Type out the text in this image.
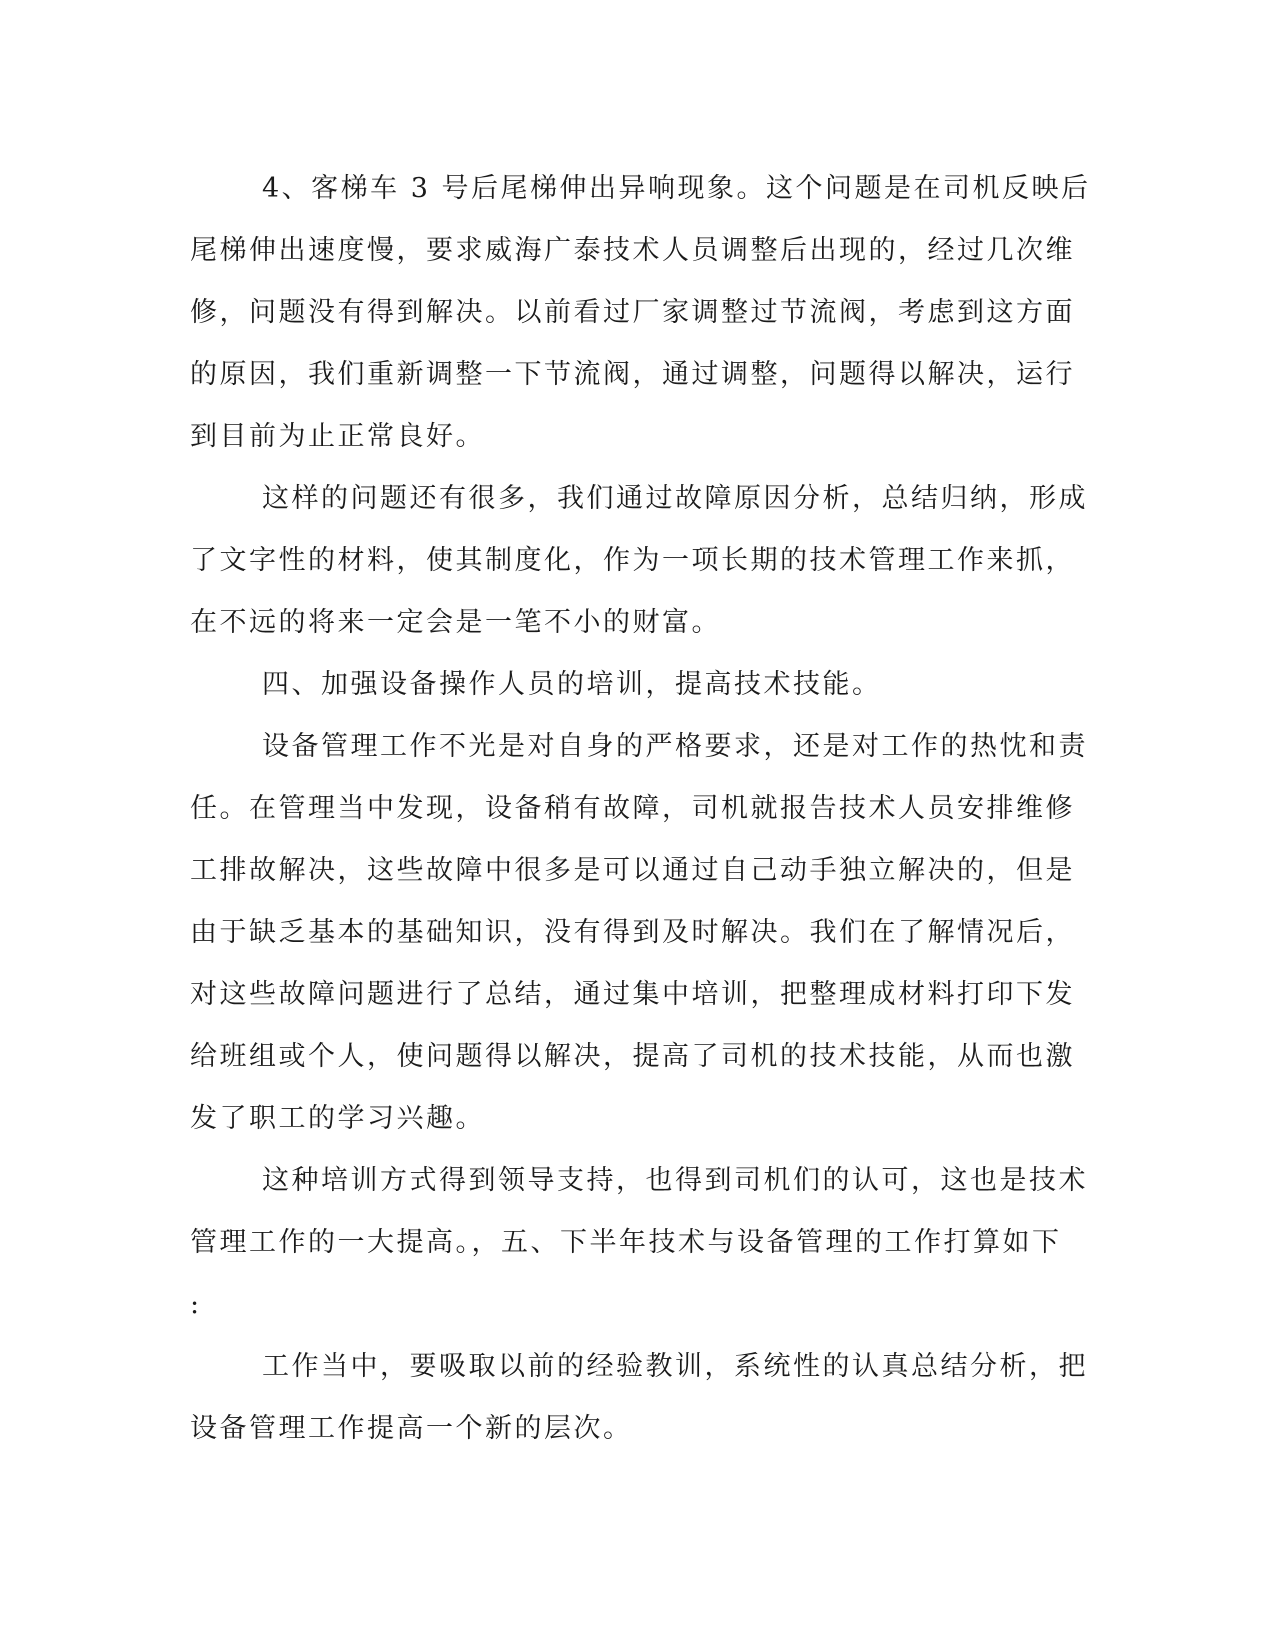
4、客梯车 3 号后尾梯伸出异响现象。这个问题是在司机反映后
尾梯伸出速度慢，要求威海广泰技术人员调整后出现的，经过几次维
修，问题没有得到解决。以前看过厂家调整过节流阀，考虑到这方面
的原因，我们重新调整一下节流阀，通过调整，问题得以解决，运行
到目前为止正常良好。
这样的问题还有很多，我们通过故障原因分析，总结归纳，形成
了文字性的材料，使其制度化，作为一项长期的技术管理工作来抓，
在不远的将来一定会是一笔不小的财富。
四、加强设备操作人员的培训，提高技术技能。
设备管理工作不光是对自身的严格要求，还是对工作的热忱和责
任。在管理当中发现，设备稍有故障，司机就报告技术人员安排维修
工排故解决，这些故障中很多是可以通过自己动手独立解决的，但是
由于缺乏基本的基础知识，没有得到及时解决。我们在了解情况后，
对这些故障问题进行了总结，通过集中培训，把整理成材料打印下发
给班组或个人，使问题得以解决，提高了司机的技术技能，从而也激
发了职工的学习兴趣。
这种培训方式得到领导支持，也得到司机们的认可，这也是技术
管理工作的一大提高。，五、下半年技术与设备管理的工作打算如下
:
工作当中，要吸取以前的经验教训，系统性的认真总结分析，把
设备管理工作提高一个新的层次。
